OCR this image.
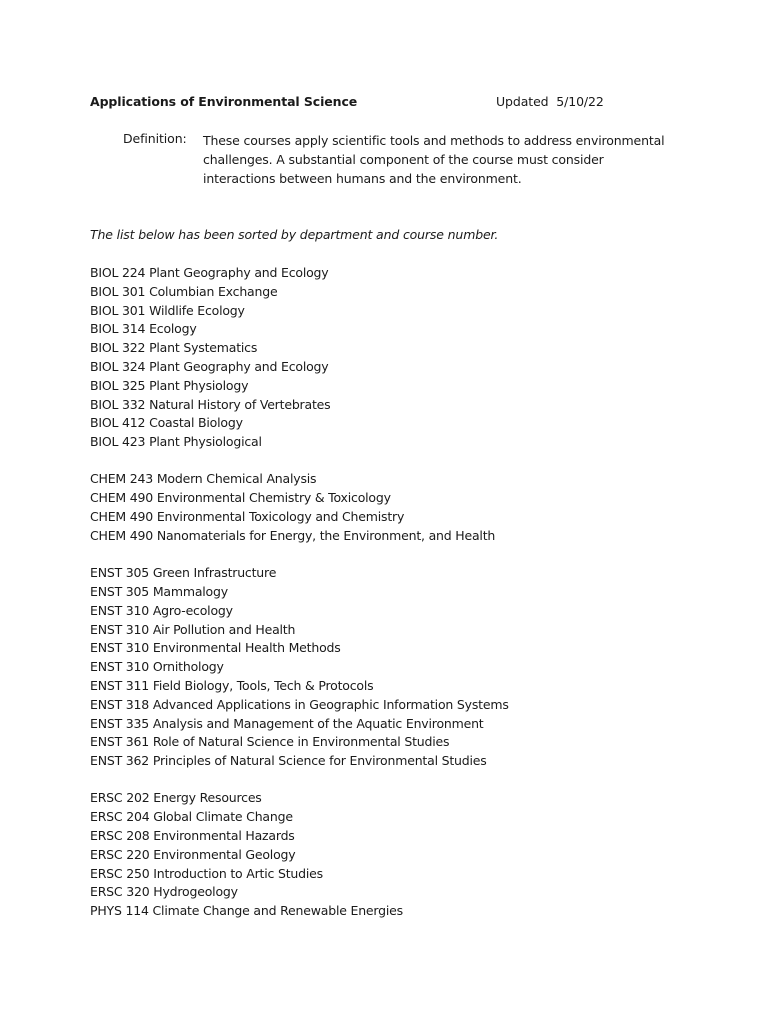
Applications of Environmental Science	Updated  5/10/22
Definition: These courses apply scientific tools and methods to address environmental
challenges. A substantial component of the course must consider
interactions between humans and the environment.
The list below has been sorted by department and course number.
BIOL 224 Plant Geography and Ecology
BIOL 301 Columbian Exchange
BIOL 301 Wildlife Ecology
BIOL 314 Ecology
BIOL 322 Plant Systematics
BIOL 324 Plant Geography and Ecology
BIOL 325 Plant Physiology
BIOL 332 Natural History of Vertebrates
BIOL 412 Coastal Biology
BIOL 423 Plant Physiological
CHEM 243 Modern Chemical Analysis
CHEM 490 Environmental Chemistry & Toxicology
CHEM 490 Environmental Toxicology and Chemistry
CHEM 490 Nanomaterials for Energy, the Environment, and Health
ENST 305 Green Infrastructure
ENST 305 Mammalogy
ENST 310 Agro-ecology
ENST 310 Air Pollution and Health
ENST 310 Environmental Health Methods
ENST 310 Ornithology
ENST 311 Field Biology, Tools, Tech & Protocols
ENST 318 Advanced Applications in Geographic Information Systems
ENST 335 Analysis and Management of the Aquatic Environment
ENST 361 Role of Natural Science in Environmental Studies
ENST 362 Principles of Natural Science for Environmental Studies
ERSC 202 Energy Resources
ERSC 204 Global Climate Change
ERSC 208 Environmental Hazards
ERSC 220 Environmental Geology
ERSC 250 Introduction to Artic Studies
ERSC 320 Hydrogeology
PHYS 114 Climate Change and Renewable Energies
